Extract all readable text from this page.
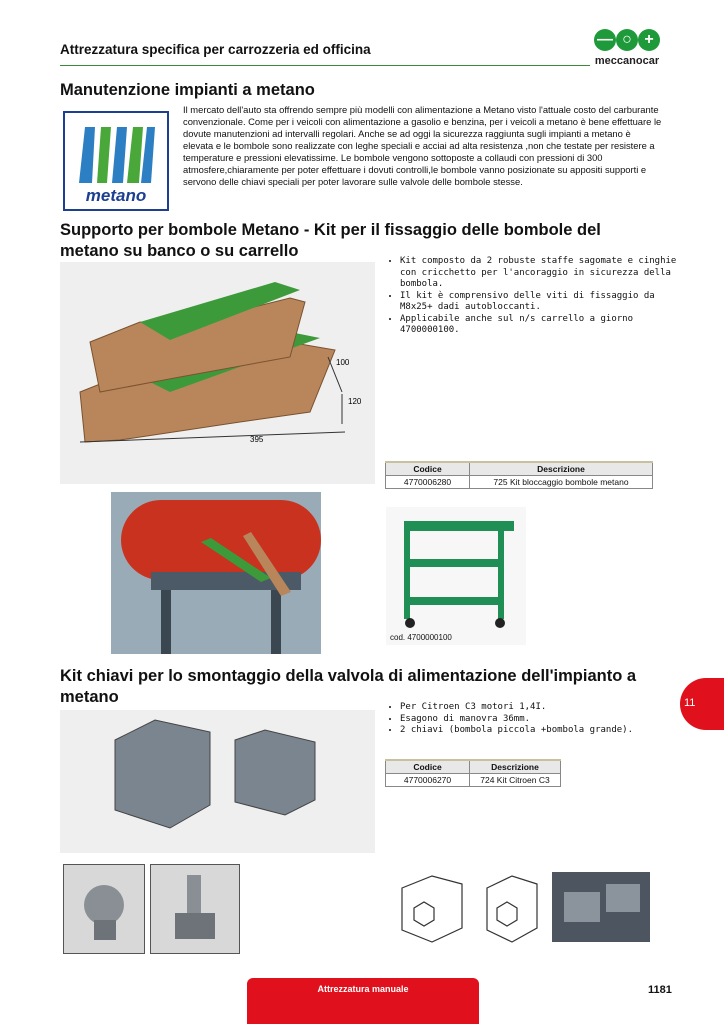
Attrezzatura specifica per carrozzeria ed officina
— ○ +
meccanocar
Manutenzione impianti a metano
metano
Il mercato dell'auto sta offrendo sempre più modelli con alimentazione a Metano visto l'attuale costo del carburante convenzionale. Come per i veicoli con alimentazione a gasolio e benzina, per i veicoli a metano è bene effettuare le dovute manutenzioni ad intervalli regolari. Anche se ad oggi la sicurezza raggiunta sugli impianti a metano è elevata e le bombole sono realizzate con leghe speciali e acciai ad alta resistenza ,non che testate per resistere a temperature e pressioni elevatissime. Le bombole vengono sottoposte a collaudi con pressioni di 300 atmosfere,chiaramente per poter effettuare i dovuti controlli,le bombole vanno posizionate su appositi supporti e servono delle chiavi speciali per poter lavorare sulle valvole delle bombole stesse.
Supporto per bombole Metano - Kit per il fissaggio delle bombole del metano su banco o su carrello
395
100
120
• Kit composto da 2 robuste staffe sagomate e cinghie con cricchetto per l'ancoraggio in sicurezza della bombola.
• Il kit è comprensivo delle viti di fissaggio da M8x25+ dadi autobloccanti.
• Applicabile anche sul n/s carrello a giorno 4700000100.
Codice	Descrizione
4770006280	725 Kit bloccaggio bombole metano
cod. 4700000100
Kit chiavi per lo smontaggio della valvola di alimentazione dell'impianto a metano
• Per Citroen C3 motori 1,4I.
• Esagono di manovra 36mm.
• 2 chiavi (bombola piccola +bombola grande).
Codice	Descrizione
4770006270	724 Kit Citroen C3
11
Attrezzatura manuale	1181
